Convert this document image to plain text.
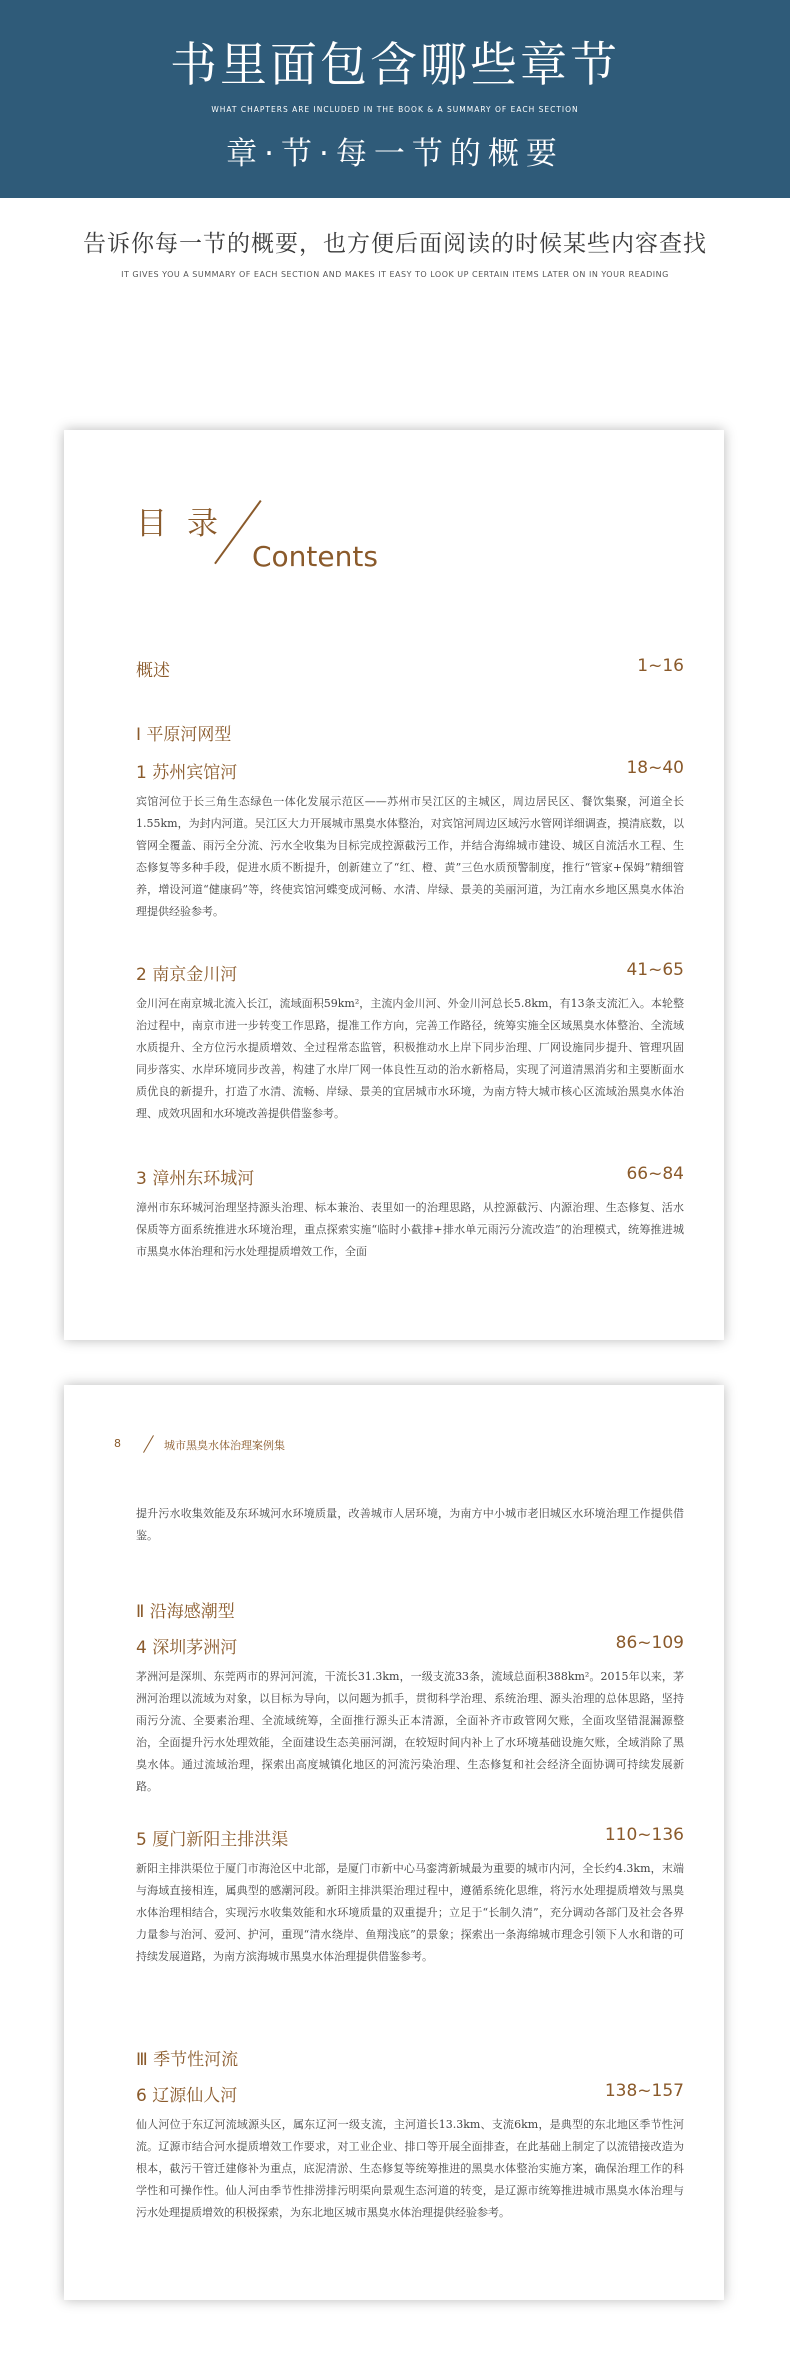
书里面包含哪些章节
WHAT CHAPTERS ARE INCLUDED IN THE BOOK & A SUMMARY OF EACH SECTION
章·节·每一节的概要
告诉你每一节的概要，也方便后面阅读的时候某些内容查找
IT GIVES YOU A SUMMARY OF EACH SECTION AND MAKES IT EASY TO LOOK UP CERTAIN ITEMS LATER ON IN YOUR READING
目录
Contents
概述	1~16
Ⅰ 平原河网型
1 苏州宾馆河	18~40
宾馆河位于长三角生态绿色一体化发展示范区——苏州市吴江区的主城区，周边居民区、餐饮集聚，河道全长1.55km，为封内河道。吴江区大力开展城市黑臭水体整治，对宾馆河周边区域污水管网详细调查，摸清底数，以管网全覆盖、雨污全分流、污水全收集为目标完成控源截污工作，并结合海绵城市建设、城区自流活水工程、生态修复等多种手段，促进水质不断提升，创新建立了“红、橙、黄”三色水质预警制度，推行“管家+保姆”精细管养，增设河道“健康码”等，终使宾馆河蝶变成河畅、水清、岸绿、景美的美丽河道，为江南水乡地区黑臭水体治理提供经验参考。
2 南京金川河	41~65
金川河在南京城北流入长江，流域面积59km²，主流内金川河、外金川河总长5.8km，有13条支流汇入。本轮整治过程中，南京市进一步转变工作思路，提准工作方向，完善工作路径，统筹实施全区域黑臭水体整治、全流域水质提升、全方位污水提质增效、全过程常态监管，积极推动水上岸下同步治理、厂网设施同步提升、管理巩固同步落实、水岸环境同步改善，构建了水岸厂网一体良性互动的治水新格局，实现了河道清黑消劣和主要断面水质优良的新提升，打造了水清、流畅、岸绿、景美的宜居城市水环境，为南方特大城市核心区流域治黑臭水体治理、成效巩固和水环境改善提供借鉴参考。
3 漳州东环城河	66~84
漳州市东环城河治理坚持源头治理、标本兼治、表里如一的治理思路，从控源截污、内源治理、生态修复、活水保质等方面系统推进水环境治理，重点探索实施“临时小截排+排水单元雨污分流改造”的治理模式，统筹推进城市黑臭水体治理和污水处理提质增效工作，全面
8	城市黑臭水体治理案例集
提升污水收集效能及东环城河水环境质量，改善城市人居环境，为南方中小城市老旧城区水环境治理工作提供借鉴。
Ⅱ 沿海感潮型
4 深圳茅洲河	86~109
茅洲河是深圳、东莞两市的界河河流，干流长31.3km，一级支流33条，流域总面积388km²。2015年以来，茅洲河治理以流域为对象，以目标为导向，以问题为抓手，贯彻科学治理、系统治理、源头治理的总体思路，坚持雨污分流、全要素治理、全流域统筹，全面推行源头正本清源，全面补齐市政管网欠账，全面攻坚错混漏源整治，全面提升污水处理效能，全面建设生态美丽河湖，在较短时间内补上了水环境基础设施欠账，全域消除了黑臭水体。通过流域治理，探索出高度城镇化地区的河流污染治理、生态修复和社会经济全面协调可持续发展新路。
5 厦门新阳主排洪渠	110~136
新阳主排洪渠位于厦门市海沧区中北部，是厦门市新中心马銮湾新城最为重要的城市内河，全长约4.3km，末端与海域直接相连，属典型的感潮河段。新阳主排洪渠治理过程中，遵循系统化思维，将污水处理提质增效与黑臭水体治理相结合，实现污水收集效能和水环境质量的双重提升；立足于“长制久清”，充分调动各部门及社会各界力量参与治河、爱河、护河，重现“清水绕岸、鱼翔浅底”的景象；探索出一条海绵城市理念引领下人水和谐的可持续发展道路，为南方滨海城市黑臭水体治理提供借鉴参考。
Ⅲ 季节性河流
6 辽源仙人河	138~157
仙人河位于东辽河流域源头区，属东辽河一级支流，主河道长13.3km、支流6km，是典型的东北地区季节性河流。辽源市结合河水提质增效工作要求，对工业企业、排口等开展全面排查，在此基础上制定了以流错接改造为根本，截污干管迁建修补为重点，底泥清淤、生态修复等统筹推进的黑臭水体整治实施方案，确保治理工作的科学性和可操作性。仙人河由季节性排涝排污明渠向景观生态河道的转变，是辽源市统筹推进城市黑臭水体治理与污水处理提质增效的积极探索，为东北地区城市黑臭水体治理提供经验参考。
